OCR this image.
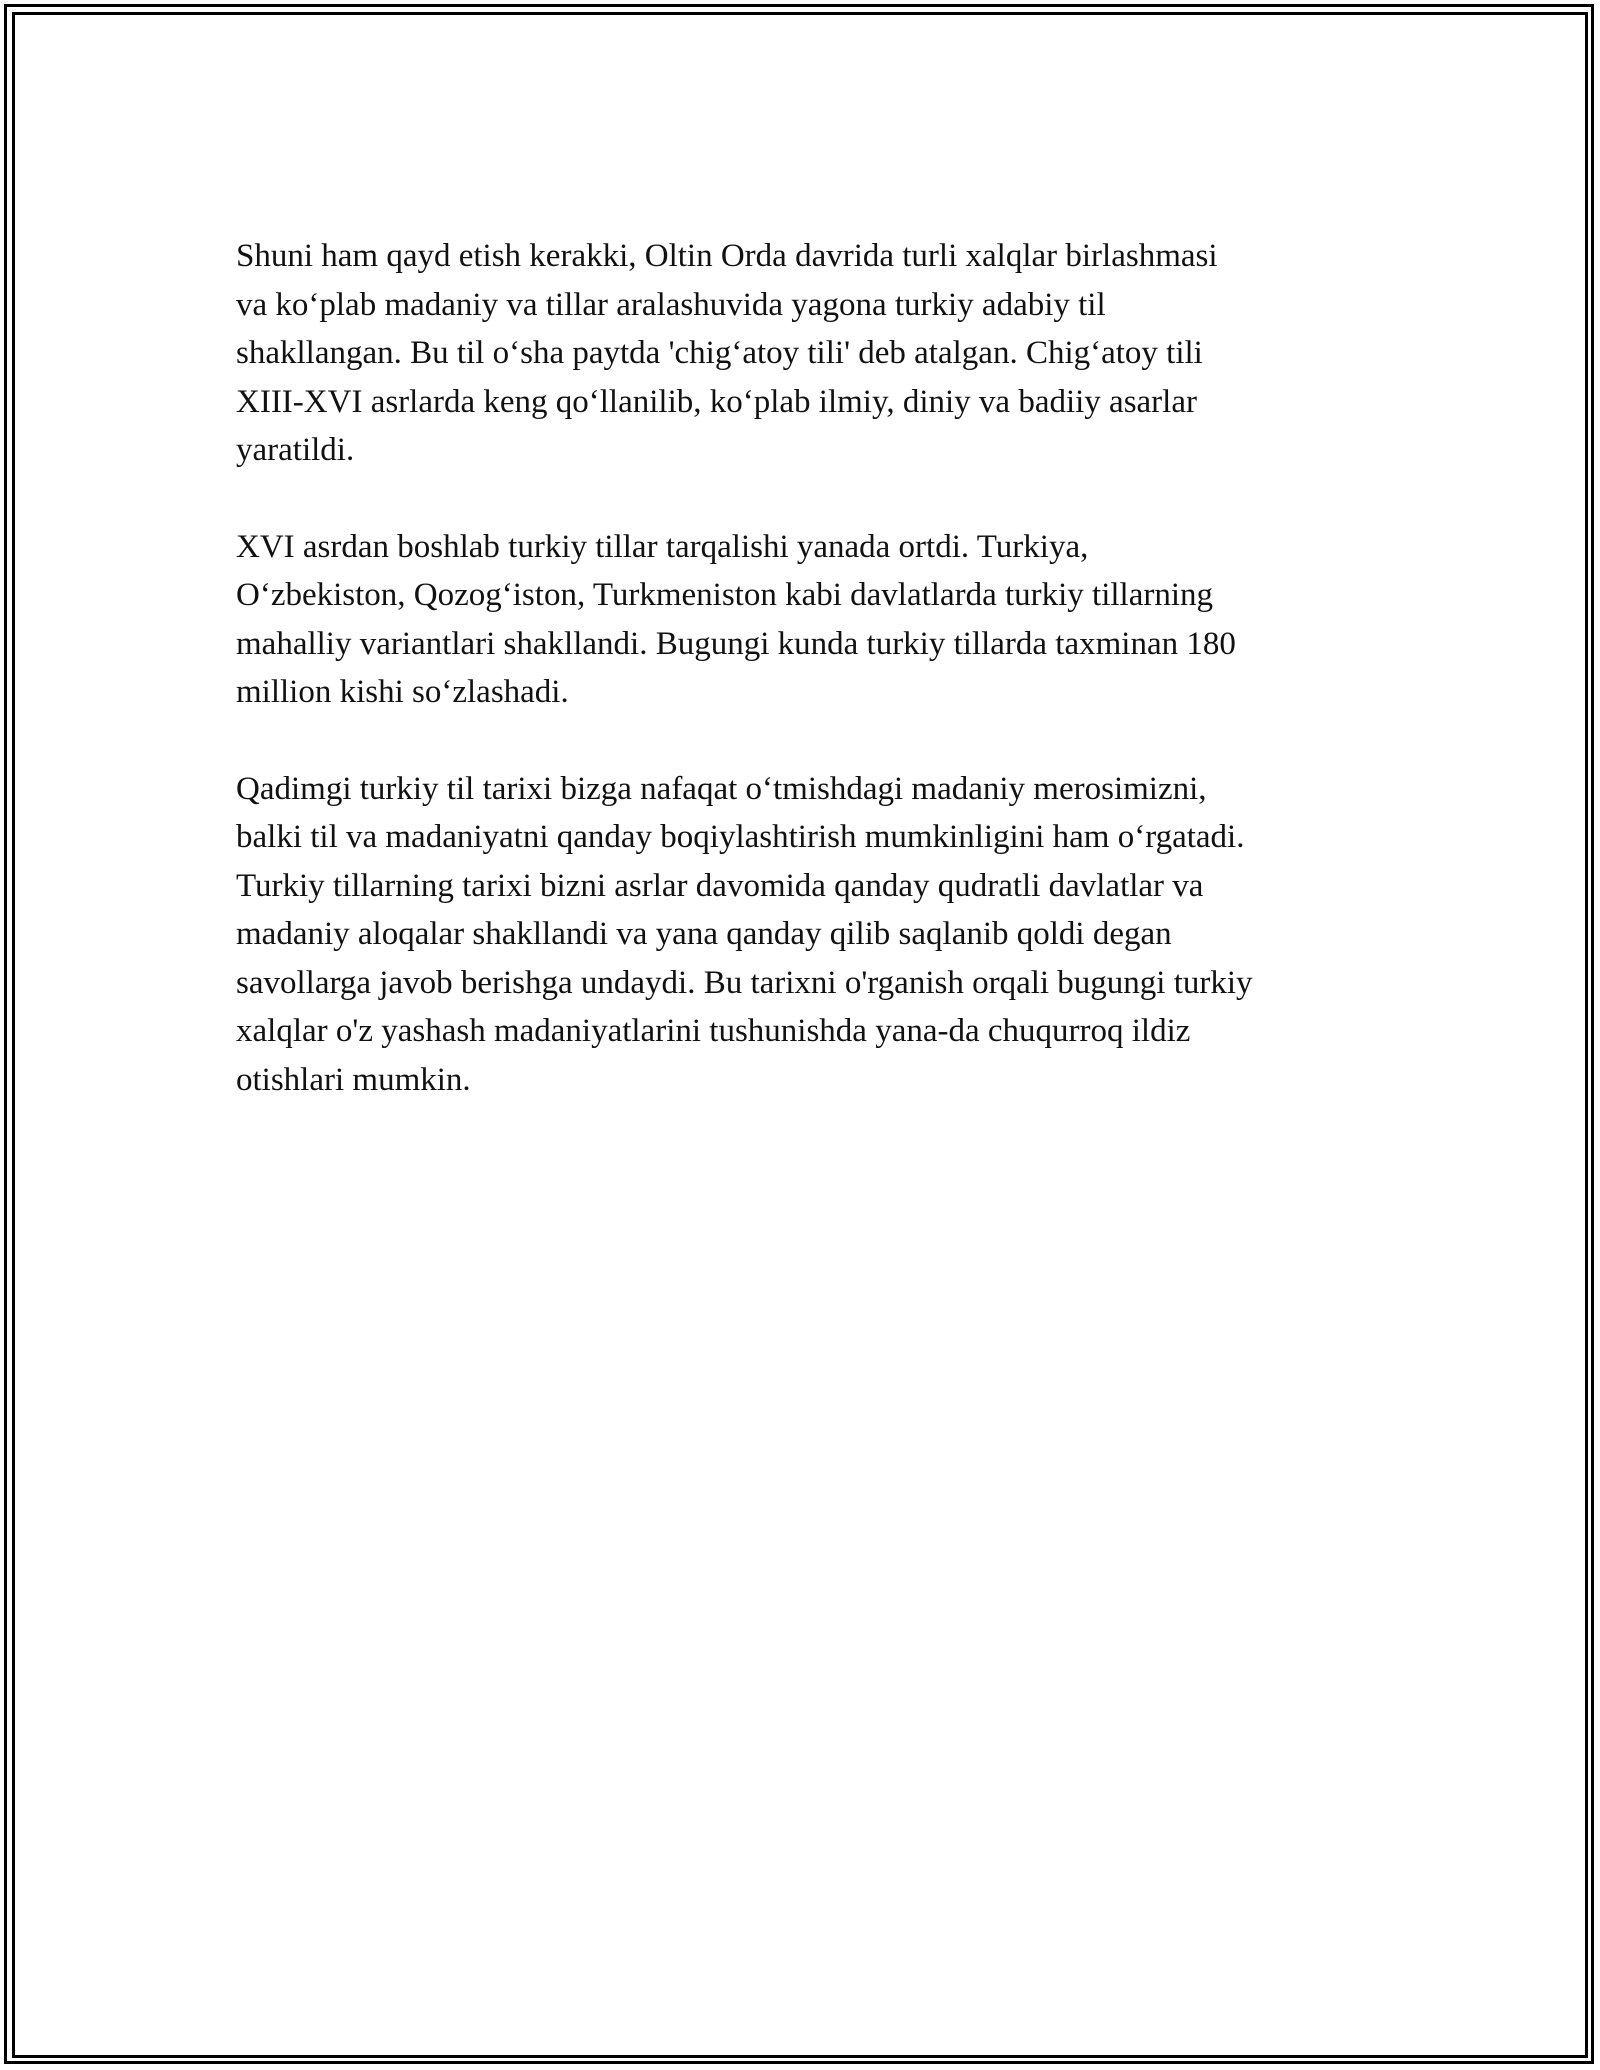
Shuni ham qayd etish kerakki, Oltin Orda davrida turli xalqlar birlashmasi
va ko‘plab madaniy va tillar aralashuvida yagona turkiy adabiy til
shakllangan. Bu til o‘sha paytda 'chig‘atoy tili' deb atalgan. Chig‘atoy tili
XIII-XVI asrlarda keng qo‘llanilib, ko‘plab ilmiy, diniy va badiiy asarlar
yaratildi.

XVI asrdan boshlab turkiy tillar tarqalishi yanada ortdi. Turkiya,
O‘zbekiston, Qozog‘iston, Turkmeniston kabi davlatlarda turkiy tillarning
mahalliy variantlari shakllandi. Bugungi kunda turkiy tillarda taxminan 180
million kishi so‘zlashadi.

Qadimgi turkiy til tarixi bizga nafaqat o‘tmishdagi madaniy merosimizni,
balki til va madaniyatni qanday boqiylashtirish mumkinligini ham o‘rgatadi.
Turkiy tillarning tarixi bizni asrlar davomida qanday qudratli davlatlar va
madaniy aloqalar shakllandi va yana qanday qilib saqlanib qoldi degan
savollarga javob berishga undaydi. Bu tarixni o'rganish orqali bugungi turkiy
xalqlar o'z yashash madaniyatlarini tushunishda yana-da chuqurroq ildiz
otishlari mumkin.
